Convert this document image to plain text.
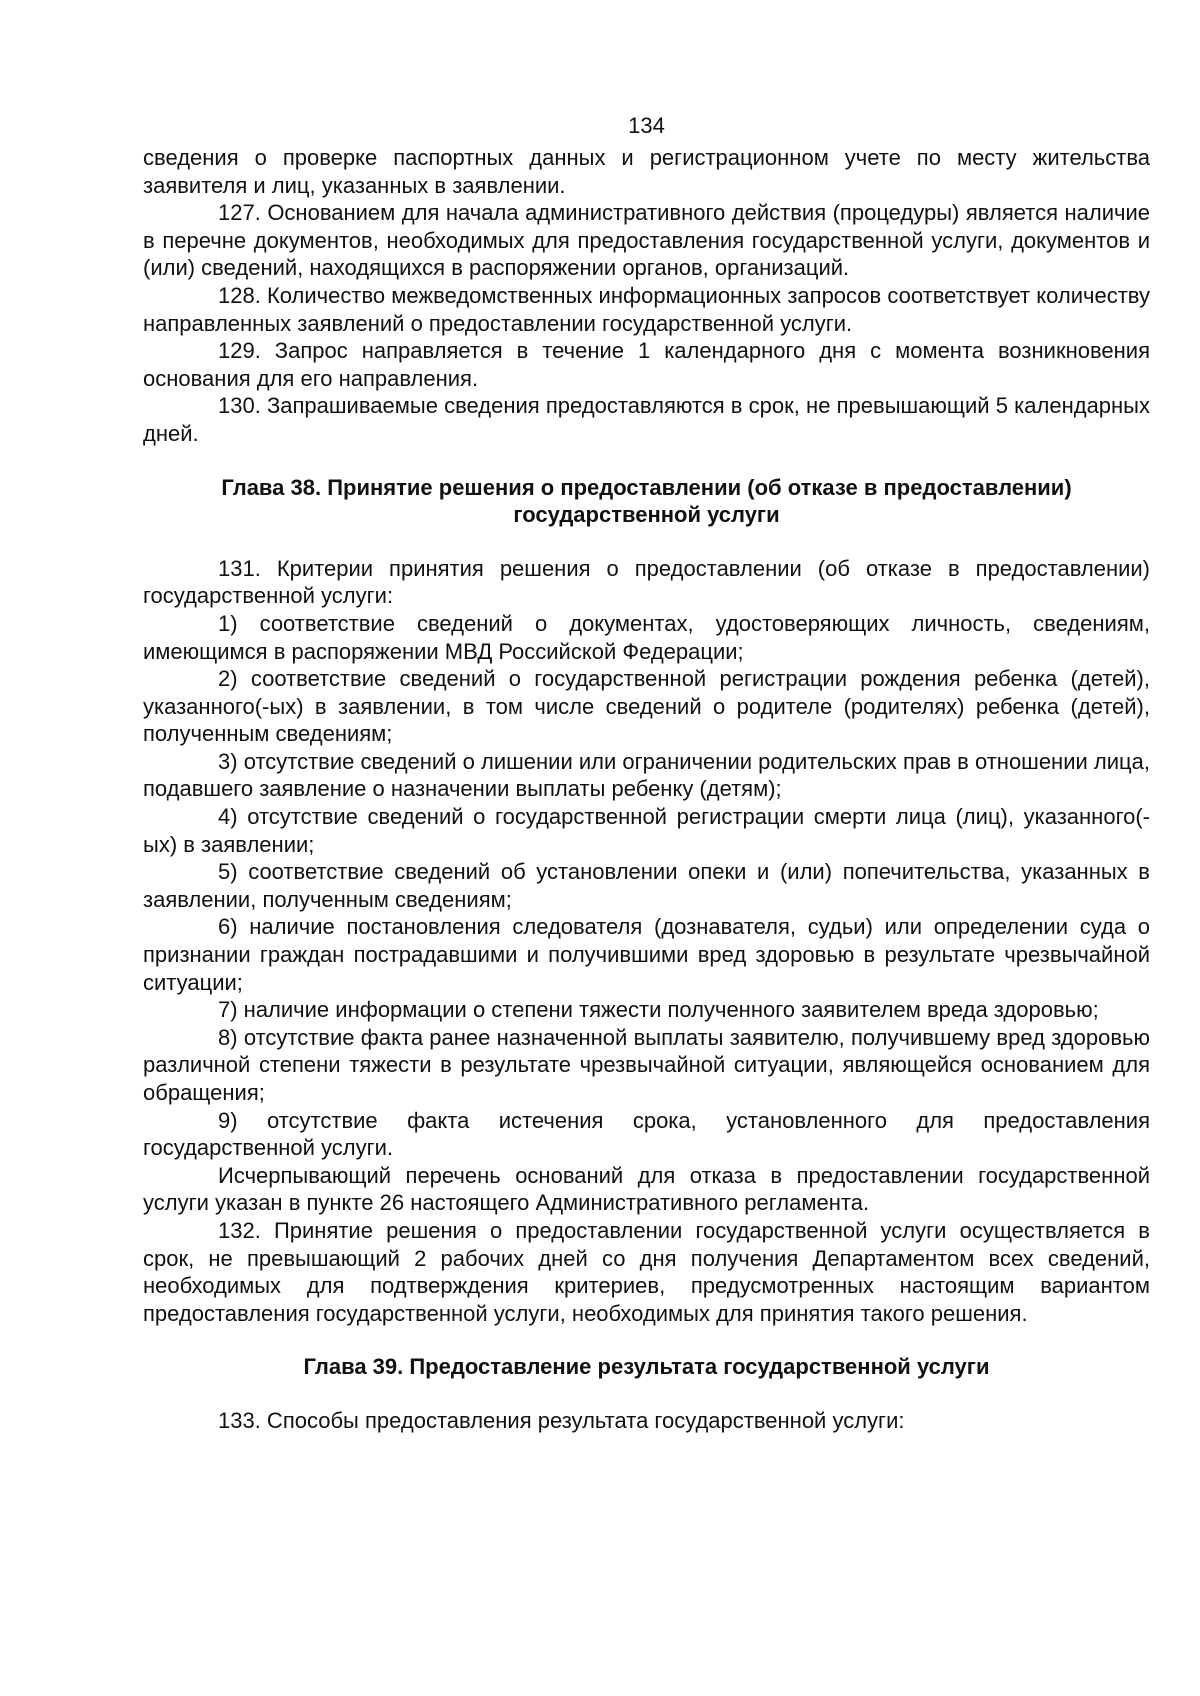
134

сведения о проверке паспортных данных и регистрационном учете по месту жительства заявителя и лиц, указанных в заявлении.

127. Основанием для начала административного действия (процедуры) является наличие в перечне документов, необходимых для предоставления государственной услуги, документов и (или) сведений, находящихся в распоряжении органов, организаций.

128. Количество межведомственных информационных запросов соответствует количеству направленных заявлений о предоставлении государственной услуги.

129. Запрос направляется в течение 1 календарного дня с момента возникновения основания для его направления.

130. Запрашиваемые сведения предоставляются в срок, не превышающий 5 календарных дней.

Глава 38. Принятие решения о предоставлении (об отказе в предоставлении) государственной услуги

131. Критерии принятия решения о предоставлении (об отказе в предоставлении) государственной услуги:

1) соответствие сведений о документах, удостоверяющих личность, сведениям, имеющимся в распоряжении МВД Российской Федерации;

2) соответствие сведений о государственной регистрации рождения ребенка (детей), указанного(-ых) в заявлении, в том числе сведений о родителе (родителях) ребенка (детей), полученным сведениям;

3) отсутствие сведений о лишении или ограничении родительских прав в отношении лица, подавшего заявление о назначении выплаты ребенку (детям);

4) отсутствие сведений о государственной регистрации смерти лица (лиц), указанного(-ых) в заявлении;

5) соответствие сведений об установлении опеки и (или) попечительства, указанных в заявлении, полученным сведениям;

6) наличие постановления следователя (дознавателя, судьи) или определении суда о признании граждан пострадавшими и получившими вред здоровью в результате чрезвычайной ситуации;

7) наличие информации о степени тяжести полученного заявителем вреда здоровью;

8) отсутствие факта ранее назначенной выплаты заявителю, получившему вред здоровью различной степени тяжести в результате чрезвычайной ситуации, являющейся основанием для обращения;

9) отсутствие факта истечения срока, установленного для предоставления государственной услуги.

Исчерпывающий перечень оснований для отказа в предоставлении государственной услуги указан в пункте 26 настоящего Административного регламента.

132. Принятие решения о предоставлении государственной услуги осуществляется в срок, не превышающий 2 рабочих дней со дня получения Департаментом всех сведений, необходимых для подтверждения критериев, предусмотренных настоящим вариантом предоставления государственной услуги, необходимых для принятия такого решения.

Глава 39. Предоставление результата государственной услуги

133. Способы предоставления результата государственной услуги:
